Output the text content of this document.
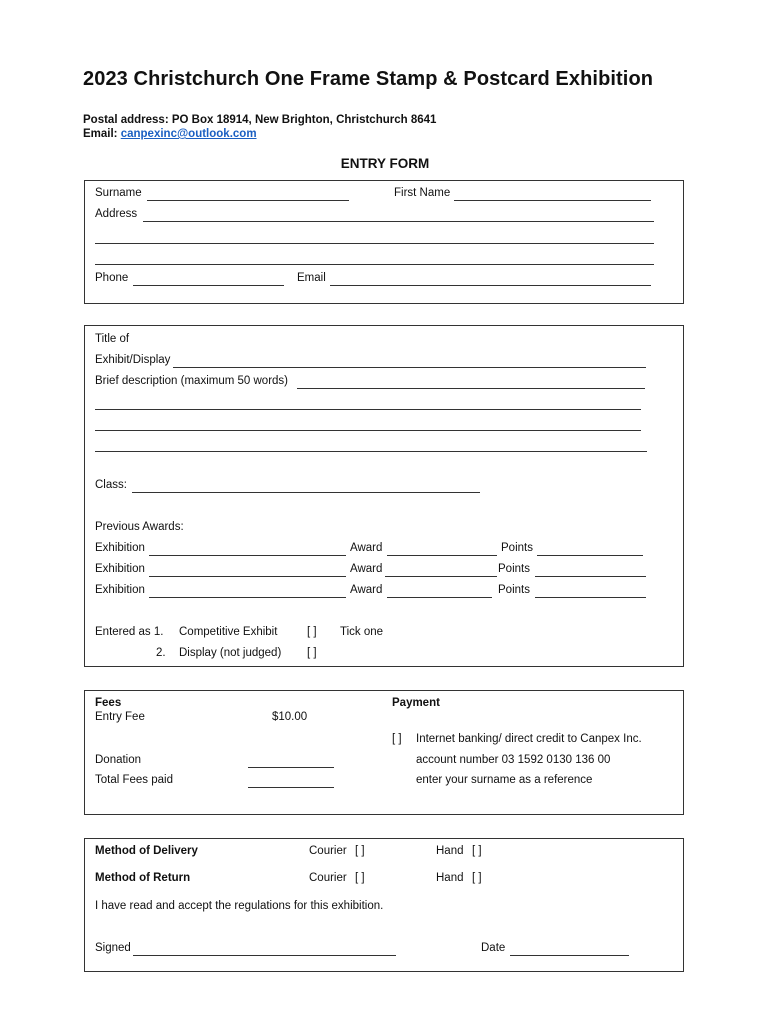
2023 Christchurch One Frame Stamp & Postcard Exhibition
Postal address: PO Box 18914, New Brighton, Christchurch 8641
Email: canpexinc@outlook.com
ENTRY FORM
Surname	First Name
Address
Phone	Email
Title of
Exhibit/Display
Brief description (maximum 50 words)
Class:
Previous Awards:
Exhibition	Award	Points
Exhibition	Award	Points
Exhibition	Award	Points
Entered as 1. Competitive Exhibit	[ ] Tick one
2. Display (not judged) [ ]
Fees
Entry Fee	$10.00
Donation
Total Fees paid
Payment
[ ] Internet banking/ direct credit to Canpex Inc.
account number 03 1592 0130 136 00
enter your surname as a reference
Method of Delivery	Courier [ ]	Hand [ ]
Method of Return	Courier [ ]	Hand [ ]
I have read and accept the regulations for this exhibition.
Signed	Date
